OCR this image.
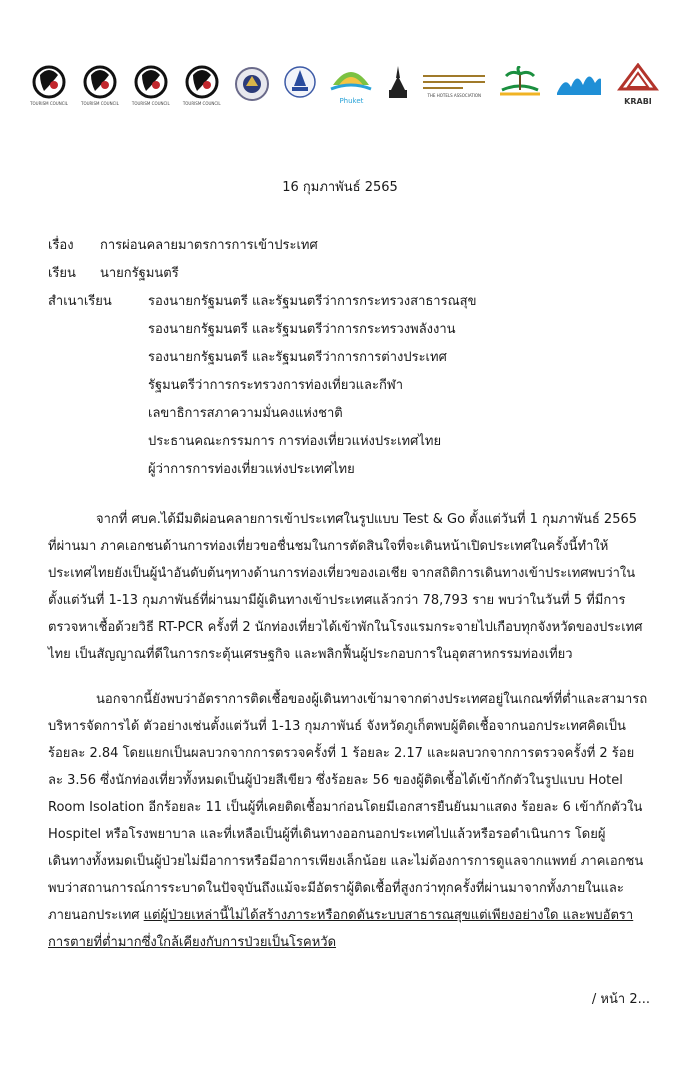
TOURISM COUNCIL	TOURISM COUNCIL	TOURISM COUNCIL	TOURISM COUNCIL	Phuket
THE HOTELS ASSOCIATION
KRABI
16 กุมภาพันธ์ 2565
เรื่อง การผ่อนคลายมาตรการการเข้าประเทศ
เรียน นายกรัฐมนตรี
สำเนาเรียน	รองนายกรัฐมนตรี และรัฐมนตรีว่าการกระทรวงสาธารณสุข
รองนายกรัฐมนตรี และรัฐมนตรีว่าการกระทรวงพลังงาน
รองนายกรัฐมนตรี และรัฐมนตรีว่าการการต่างประเทศ
รัฐมนตรีว่าการกระทรวงการท่องเที่ยวและกีฬา
เลขาธิการสภาความมั่นคงแห่งชาติ
ประธานคณะกรรมการ การท่องเที่ยวแห่งประเทศไทย
ผู้ว่าการการท่องเที่ยวแห่งประเทศไทย
จากที่ ศบค.ได้มีมติผ่อนคลายการเข้าประเทศในรูปแบบ Test & Go ตั้งแต่วันที่ 1 กุมภาพันธ์ 2565
ที่ผ่านมา ภาคเอกชนด้านการท่องเที่ยวขอชื่นชมในการตัดสินใจที่จะเดินหน้าเปิดประเทศในครั้งนี้ทำให้
ประเทศไทยยังเป็นผู้นำอันดับต้นๆทางด้านการท่องเที่ยวของเอเชีย จากสถิติการเดินทางเข้าประเทศพบว่าใน
ตั้งแต่วันที่ 1-13 กุมภาพันธ์ที่ผ่านมามีผู้เดินทางเข้าประเทศแล้วกว่า 78,793 ราย พบว่าในวันที่ 5 ที่มีการ
ตรวจหาเชื้อด้วยวิธี RT-PCR ครั้งที่ 2 นักท่องเที่ยวได้เข้าพักในโรงแรมกระจายไปเกือบทุกจังหวัดของประเทศ
ไทย เป็นสัญญาณที่ดีในการกระตุ้นเศรษฐกิจ และพลิกฟื้นผู้ประกอบการในอุตสาหกรรมท่องเที่ยว
นอกจากนี้ยังพบว่าอัตราการติดเชื้อของผู้เดินทางเข้ามาจากต่างประเทศอยู่ในเกณฑ์ที่ต่ำและสามารถ
บริหารจัดการได้ ตัวอย่างเช่นตั้งแต่วันที่ 1-13 กุมภาพันธ์ จังหวัดภูเก็ตพบผู้ติดเชื้อจากนอกประเทศคิดเป็น
ร้อยละ 2.84 โดยแยกเป็นผลบวกจากการตรวจครั้งที่ 1 ร้อยละ 2.17 และผลบวกจากการตรวจครั้งที่ 2 ร้อย
ละ 3.56 ซึ่งนักท่องเที่ยวทั้งหมดเป็นผู้ป่วยสีเขียว ซึ่งร้อยละ 56 ของผู้ติดเชื้อได้เข้ากักตัวในรูปแบบ Hotel
Room Isolation อีกร้อยละ 11 เป็นผู้ที่เคยติดเชื้อมาก่อนโดยมีเอกสารยืนยันมาแสดง ร้อยละ 6 เข้ากักตัวใน
Hospitel หรือโรงพยาบาล และที่เหลือเป็นผู้ที่เดินทางออกนอกประเทศไปแล้วหรือรอดำเนินการ โดยผู้
เดินทางทั้งหมดเป็นผู้ป่วยไม่มีอาการหรือมีอาการเพียงเล็กน้อย และไม่ต้องการการดูแลจากแพทย์ ภาคเอกชน
พบว่าสถานการณ์การระบาดในปัจจุบันถึงแม้จะมีอัตราผู้ติดเชื้อที่สูงกว่าทุกครั้งที่ผ่านมาจากทั้งภายในและ
ภายนอกประเทศ แต่ผู้ป่วยเหล่านี้ไม่ได้สร้างภาระหรือกดดันระบบสาธารณสุขแต่เพียงอย่างใด และพบอัตรา
การตายที่ต่ำมากซึ่งใกล้เคียงกับการป่วยเป็นโรคหวัด
/ หน้า 2...
